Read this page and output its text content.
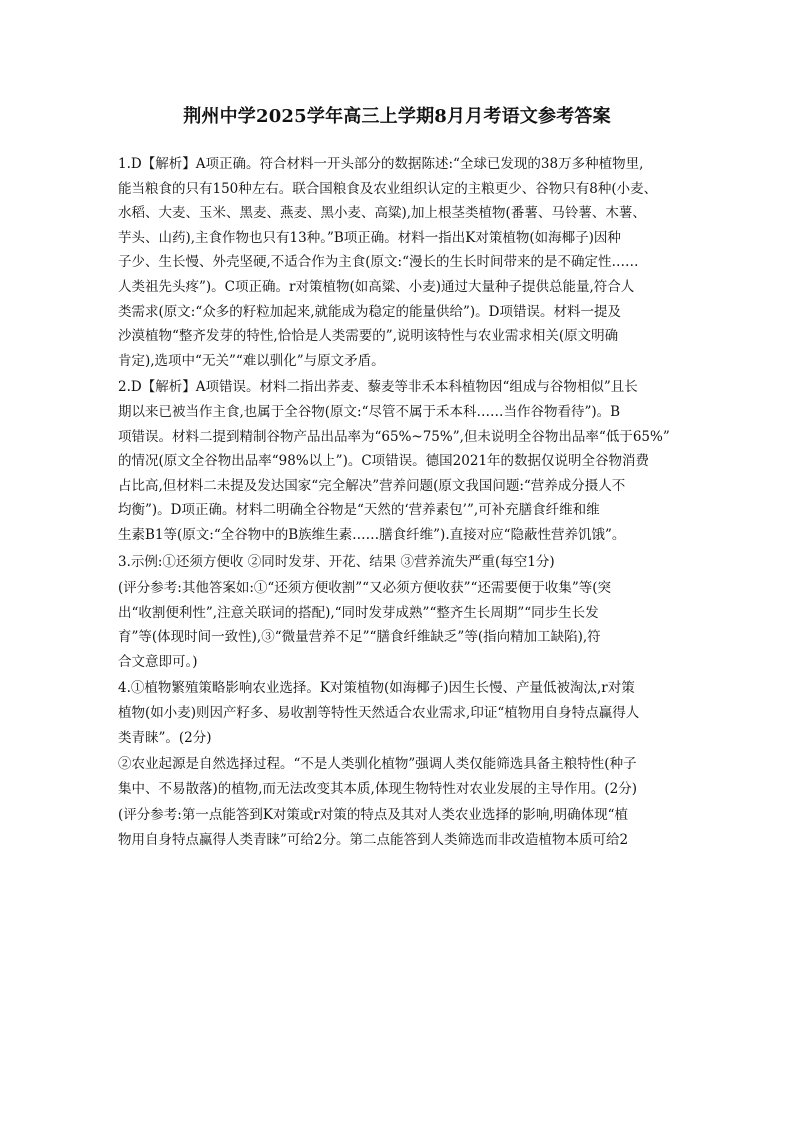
荆州中学2025学年高三上学期8月月考语文参考答案
1.D【解析】A项正确。符合材料一开头部分的数据陈述:“全球已发现的38万多种植物里,
能当粮食的只有150种左右。联合国粮食及农业组织认定的主粮更少、谷物只有8种(小麦、
水稻、大麦、玉米、黑麦、燕麦、黑小麦、高粱),加上根茎类植物(番薯、马铃薯、木薯、
芋头、山药),主食作物也只有13种。”B项正确。材料一指出K对策植物(如海椰子)因种
子少、生长慢、外壳坚硬,不适合作为主食(原文:“漫长的生长时间带来的是不确定性……
人类祖先头疼”)。C项正确。r对策植物(如高粱、小麦)通过大量种子提供总能量,符合人
类需求(原文:“众多的籽粒加起来,就能成为稳定的能量供给”)。D项错误。材料一提及
沙漠植物“整齐发芽的特性,恰恰是人类需要的”,说明该特性与农业需求相关(原文明确
肯定),选项中“无关”“难以驯化”与原文矛盾。
2.D【解析】A项错误。材料二指出荞麦、藜麦等非禾本科植物因“组成与谷物相似”且长
期以来已被当作主食,也属于全谷物(原文:“尽管不属于禾本科……当作谷物看待”)。B
项错误。材料二提到精制谷物产品出品率为“65%~75%”,但未说明全谷物出品率“低于65%”
的情况(原文全谷物出品率“98%以上”)。C项错误。德国2021年的数据仅说明全谷物消费
占比高,但材料二未提及发达国家“完全解决”营养问题(原文我国问题:“营养成分摄人不
均衡”)。D项正确。材料二明确全谷物是“天然的‘营养素包’”,可补充膳食纤维和维
生素B1等(原文:“全谷物中的B族维生素……膳食纤维”).直接对应“隐蔽性营养饥饿”。
3.示例:①还须方便收 ②同时发芽、开花、结果 ③营养流失严重(每空1分)
(评分参考:其他答案如:①“还须方便收割”“又必须方便收获”“还需要便于收集”等(突
出“收割便利性”,注意关联词的搭配),“同时发芽成熟”“整齐生长周期”“同步生长发
育”等(体现时间一致性),③“微量营养不足”“膳食纤维缺乏”等(指向精加工缺陷),符
合文意即可。)
4.①植物繁殖策略影响农业选择。K对策植物(如海椰子)因生长慢、产量低被淘汰,r对策
植物(如小麦)则因产籽多、易收割等特性天然适合农业需求,印证“植物用自身特点赢得人
类青睐”。(2分)
②农业起源是自然选择过程。“不是人类驯化植物”强调人类仅能筛选具备主粮特性(种子
集中、不易散落)的植物,而无法改变其本质,体现生物特性对农业发展的主导作用。(2分)
(评分参考:第一点能答到K对策或r对策的特点及其对人类农业选择的影响,明确体现“植
物用自身特点赢得人类青睐”可给2分。第二点能答到人类筛选而非改造植物本质可给2
